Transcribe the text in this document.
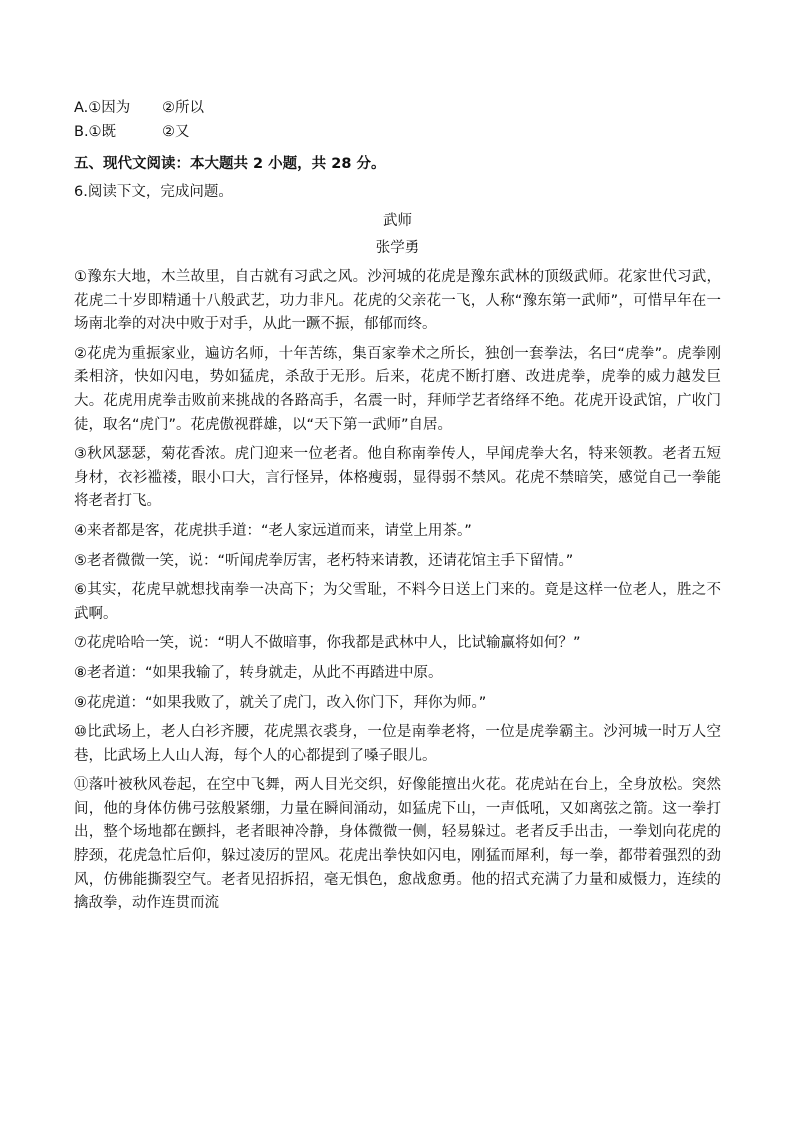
A.①因为 ②所以
B.①既	②又
五、现代文阅读：本大题共 2 小题，共 28 分。
6.阅读下文，完成问题。
武师
张学勇
①豫东大地，木兰故里，自古就有习武之风。沙河城的花虎是豫东武林的顶级武师。花家世代习武，花虎二十岁即精通十八般武艺，功力非凡。花虎的父亲花一飞，人称“豫东第一武师”，可惜早年在一场南北拳的对决中败于对手，从此一蹶不振，郁郁而终。
②花虎为重振家业，遍访名师，十年苦练，集百家拳术之所长，独创一套拳法，名曰“虎拳”。虎拳刚柔相济，快如闪电，势如猛虎，杀敌于无形。后来，花虎不断打磨、改进虎拳，虎拳的威力越发巨大。花虎用虎拳击败前来挑战的各路高手，名震一时，拜师学艺者络绎不绝。花虎开设武馆，广收门徒，取名“虎门”。花虎傲视群雄，以“天下第一武师”自居。
③秋风瑟瑟，菊花香浓。虎门迎来一位老者。他自称南拳传人，早闻虎拳大名，特来领教。老者五短身材，衣衫褴褛，眼小口大，言行怪异，体格瘦弱，显得弱不禁风。花虎不禁暗笑，感觉自己一拳能将老者打飞。
④来者都是客，花虎拱手道：“老人家远道而来，请堂上用茶。”
⑤老者微微一笑，说：“听闻虎拳厉害，老朽特来请教，还请花馆主手下留情。”
⑥其实，花虎早就想找南拳一决高下；为父雪耻，不料今日送上门来的。竟是这样一位老人，胜之不武啊。
⑦花虎哈哈一笑，说：“明人不做暗事，你我都是武林中人，比试输赢将如何？”
⑧老者道：“如果我输了，转身就走，从此不再踏进中原。
⑨花虎道：“如果我败了，就关了虎门，改入你门下，拜你为师。”
⑩比武场上，老人白衫齐腰，花虎黑衣裘身，一位是南拳老将，一位是虎拳霸主。沙河城一时万人空巷，比武场上人山人海，每个人的心都提到了嗓子眼儿。
⑪落叶被秋风卷起，在空中飞舞，两人目光交织，好像能擅出火花。花虎站在台上，全身放松。突然间，他的身体仿佛弓弦般紧绷，力量在瞬间涌动，如猛虎下山，一声低吼，又如离弦之箭。这一拳打出，整个场地都在颤抖，老者眼神冷静，身体微微一侧，轻易躲过。老者反手出击，一拳划向花虎的脖颈，花虎急忙后仰，躲过凌厉的罡风。花虎出拳快如闪电，刚猛而犀利，每一拳，都带着强烈的劲风，仿佛能撕裂空气。老者见招拆招，毫无惧色，愈战愈勇。他的招式充满了力量和威慑力，连续的擒敌拳，动作连贯而流
